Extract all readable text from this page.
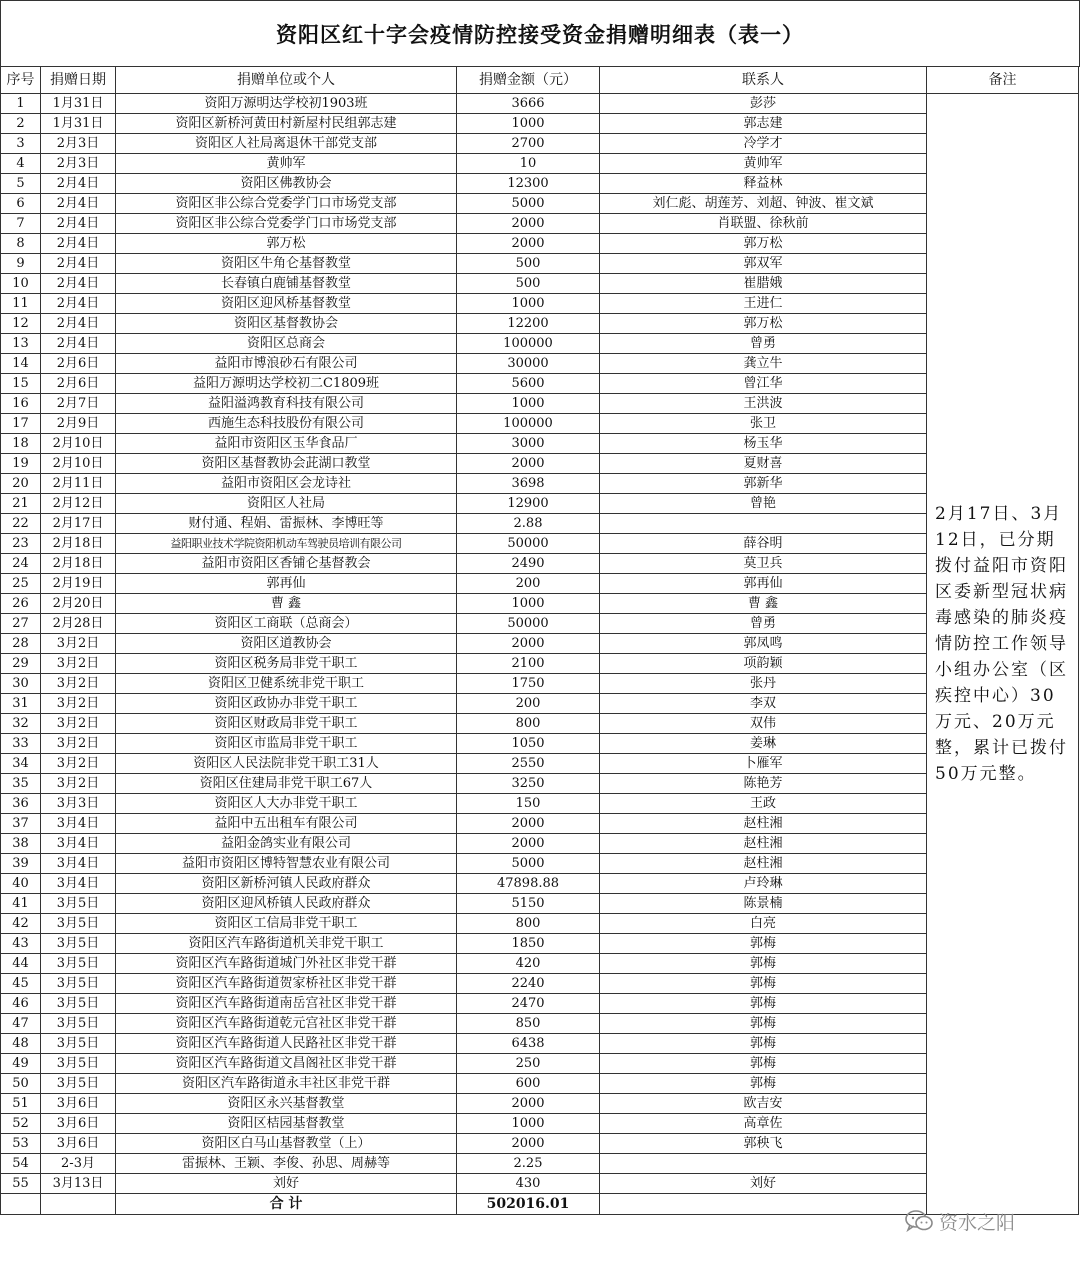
资阳区红十字会疫情防控接受资金捐赠明细表（表一）
序号	捐赠日期	捐赠单位或个人	捐赠金额（元）	联系人	备注
1	1月31日	资阳万源明达学校初1903班	3666	彭莎	2月17日、3月12日，已分期拨付益阳市资阳区委新型冠状病毒感染的肺炎疫情防控工作领导小组办公室（区疾控中心）30万元、20万元整，累计已拨付50万元整。
2	1月31日	资阳区新桥河黄田村新屋村民组郭志建	1000	郭志建	
3	2月3日	资阳区人社局离退休干部党支部	2700	冷学才	
4	2月3日	黄帅军	10	黄帅军	
5	2月4日	资阳区佛教协会	12300	释益林	
6	2月4日	资阳区非公综合党委学门口市场党支部	5000	刘仁彪、胡莲芳、刘超、钟波、崔文斌	
7	2月4日	资阳区非公综合党委学门口市场党支部	2000	肖联盟、徐秋前	
8	2月4日	郭万松	2000	郭万松	
9	2月4日	资阳区牛角仑基督教堂	500	郭双军	
10	2月4日	长春镇白鹿铺基督教堂	500	崔腊娥	
11	2月4日	资阳区迎风桥基督教堂	1000	王进仁	
12	2月4日	资阳区基督教协会	12200	郭万松	
13	2月4日	资阳区总商会	100000	曾勇	
14	2月6日	益阳市博浪砂石有限公司	30000	龚立牛	
15	2月6日	益阳万源明达学校初二C1809班	5600	曾江华	
16	2月7日	益阳溢鸿教育科技有限公司	1000	王洪波	
17	2月9日	西施生态科技股份有限公司	100000	张卫	
18	2月10日	益阳市资阳区玉华食品厂	3000	杨玉华	
19	2月10日	资阳区基督教协会茈湖口教堂	2000	夏财喜	
20	2月11日	益阳市资阳区会龙诗社	3698	郭新华	
21	2月12日	资阳区人社局	12900	曾艳	
22	2月17日	财付通、程娟、雷振林、李博旺等	2.88		
23	2月18日	益阳职业技术学院资阳机动车驾驶员培训有限公司	50000	薛谷明	
24	2月18日	益阳市资阳区香铺仑基督教会	2490	莫卫兵	
25	2月19日	郭再仙	200	郭再仙	
26	2月20日	曹 鑫	1000	曹 鑫	
27	2月28日	资阳区工商联（总商会）	50000	曾勇	
28	3月2日	资阳区道教协会	2000	郭凤鸣	
29	3月2日	资阳区税务局非党干职工	2100	项韵颖	
30	3月2日	资阳区卫健系统非党干职工	1750	张丹	
31	3月2日	资阳区政协办非党干职工	200	李双	
32	3月2日	资阳区财政局非党干职工	800	双伟	
33	3月2日	资阳区市监局非党干职工	1050	姜琳	
34	3月2日	资阳区人民法院非党干职工31人	2550	卜雁军	
35	3月2日	资阳区住建局非党干职工67人	3250	陈艳芳	
36	3月3日	资阳区人大办非党干职工	150	王政	
37	3月4日	益阳中五出租车有限公司	2000	赵柱湘	
38	3月4日	益阳金鸽实业有限公司	2000	赵柱湘	
39	3月4日	益阳市资阳区博特智慧农业有限公司	5000	赵柱湘	
40	3月4日	资阳区新桥河镇人民政府群众	47898.88	卢玲琳	
41	3月5日	资阳区迎风桥镇人民政府群众	5150	陈景楠	
42	3月5日	资阳区工信局非党干职工	800	白亮	
43	3月5日	资阳区汽车路街道机关非党干职工	1850	郭梅	
44	3月5日	资阳区汽车路街道城门外社区非党干群	420	郭梅	
45	3月5日	资阳区汽车路街道贺家桥社区非党干群	2240	郭梅	
46	3月5日	资阳区汽车路街道南岳宫社区非党干群	2470	郭梅	
47	3月5日	资阳区汽车路街道乾元宫社区非党干群	850	郭梅	
48	3月5日	资阳区汽车路街道人民路社区非党干群	6438	郭梅	
49	3月5日	资阳区汽车路街道文昌阁社区非党干群	250	郭梅	
50	3月5日	资阳区汽车路街道永丰社区非党干群	600	郭梅	
51	3月6日	资阳区永兴基督教堂	2000	欧吉安	
52	3月6日	资阳区桔园基督教堂	1000	高章佐	
53	3月6日	资阳区白马山基督教堂（上）	2000	郭秧飞	
54	2-3月	雷振林、王颖、李俊、孙思、周赫等	2.25		
55	3月13日	刘好	430	刘好	
		合 计	502016.01		
资水之阳
